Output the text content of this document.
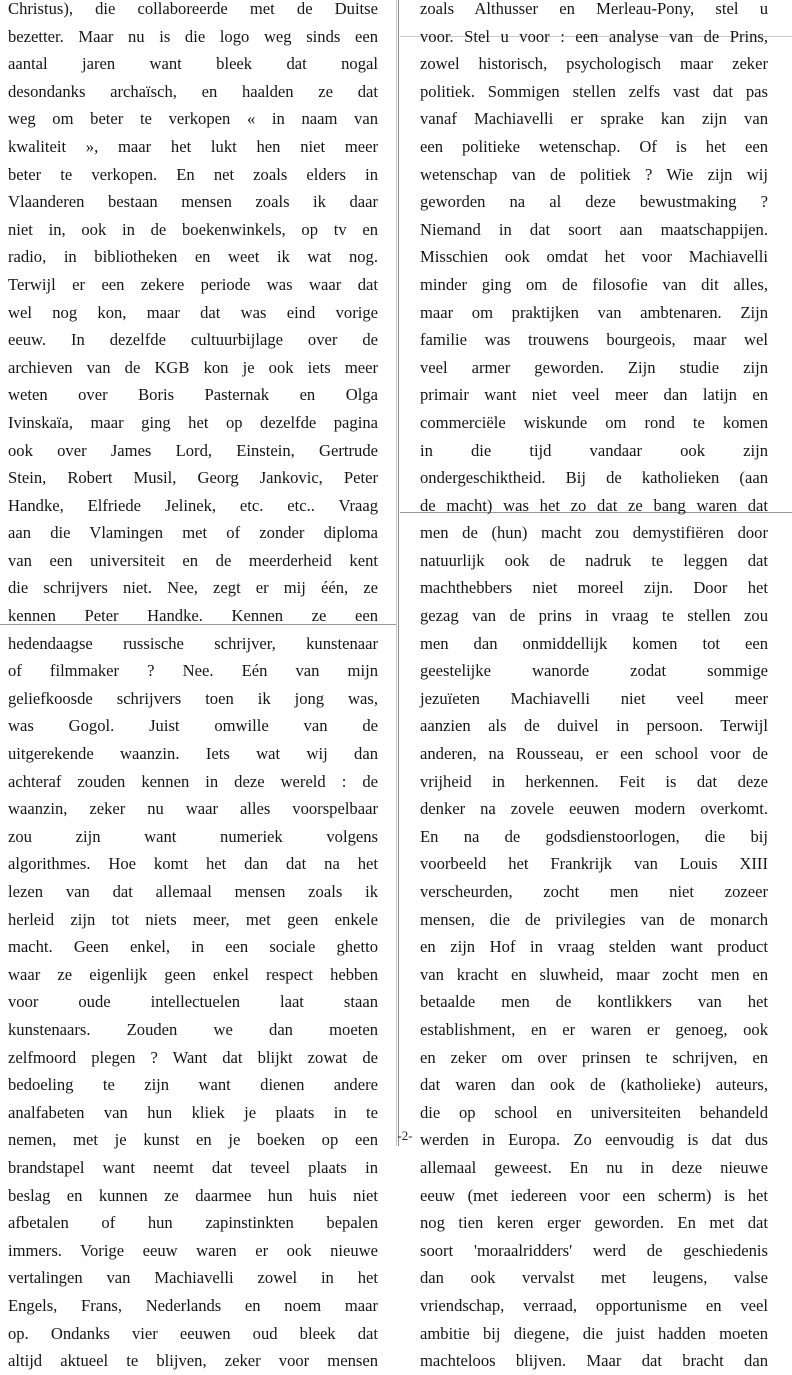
Christus), die collaboreerde met de Duitse
bezetter. Maar nu is die logo weg sinds een
aantal jaren want bleek dat nogal
desondanks archaïsch, en haalden ze dat
weg om beter te verkopen « in naam van
kwaliteit », maar het lukt hen niet meer
beter te verkopen. En net zoals elders in
Vlaanderen bestaan mensen zoals ik daar
niet in, ook in de boekenwinkels, op tv en
radio, in bibliotheken en weet ik wat nog.
Terwijl er een zekere periode was waar dat
wel nog kon, maar dat was eind vorige
eeuw. In dezelfde cultuurbijlage over de
archieven van de KGB kon je ook iets meer
weten over Boris Pasternak en Olga
Ivinskaïa, maar ging het op dezelfde pagina
ook over James Lord, Einstein, Gertrude
Stein, Robert Musil, Georg Jankovic, Peter
Handke, Elfriede Jelinek, etc. etc.. Vraag
aan die Vlamingen met of zonder diploma
van een universiteit en de meerderheid kent
die schrijvers niet. Nee, zegt er mij één, ze
kennen Peter Handke. Kennen ze een
hedendaagse russische schrijver, kunstenaar
of filmmaker ? Nee. Eén van mijn
geliefkoosde schrijvers toen ik jong was,
was Gogol. Juist omwille van de
uitgerekende waanzin. Iets wat wij dan
achteraf zouden kennen in deze wereld : de
waanzin, zeker nu waar alles voorspelbaar
zou zijn want numeriek volgens
algorithmes. Hoe komt het dan dat na het
lezen van dat allemaal mensen zoals ik
herleid zijn tot niets meer, met geen enkele
macht. Geen enkel, in een sociale ghetto
waar ze eigenlijk geen enkel respect hebben
voor oude intellectuelen laat staan
kunstenaars. Zouden we dan moeten
zelfmoord plegen ? Want dat blijkt zowat de
bedoeling te zijn want dienen andere
analfabeten van hun kliek je plaats in te
nemen, met je kunst en je boeken op een
brandstapel want neemt dat teveel plaats in
beslag en kunnen ze daarmee hun huis niet
afbetalen of hun zapinstinkten bepalen
immers. Vorige eeuw waren er ook nieuwe
vertalingen van Machiavelli zowel in het
Engels, Frans, Nederlands en noem maar
op. Ondanks vier eeuwen oud bleek dat
altijd aktueel te blijven, zeker voor mensen
zoals Althusser en Merleau-Pony, stel u
voor. Stel u voor : een analyse van de Prins,
zowel historisch, psychologisch maar zeker
politiek. Sommigen stellen zelfs vast dat pas
vanaf Machiavelli er sprake kan zijn van
een politieke wetenschap. Of is het een
wetenschap van de politiek ? Wie zijn wij
geworden na al deze bewustmaking ?
Niemand in dat soort aan maatschappijen.
Misschien ook omdat het voor Machiavelli
minder ging om de filosofie van dit alles,
maar om praktijken van ambtenaren. Zijn
familie was trouwens bourgeois, maar wel
veel armer geworden. Zijn studie zijn
primair want niet veel meer dan latijn en
commerciële wiskunde om rond te komen
in die tijd vandaar ook zijn
ondergeschiktheid. Bij de katholieken (aan
de macht) was het zo dat ze bang waren dat
men de (hun) macht zou demystifiëren door
natuurlijk ook de nadruk te leggen dat
machthebbers niet moreel zijn. Door het
gezag van de prins in vraag te stellen zou
men dan onmiddellijk komen tot een
geestelijke wanorde zodat sommige
jezuïeten Machiavelli niet veel meer
aanzien als de duivel in persoon. Terwijl
anderen, na Rousseau, er een school voor de
vrijheid in herkennen. Feit is dat deze
denker na zovele eeuwen modern overkomt.
En na de godsdienstoorlogen, die bij
voorbeeld het Frankrijk van Louis XIII
verscheurden, zocht men niet zozeer
mensen, die de privilegies van de monarch
en zijn Hof in vraag stelden want product
van kracht en sluwheid, maar zocht men en
betaalde men de kontlikkers van het
establishment, en er waren er genoeg, ook
en zeker om over prinsen te schrijven, en
dat waren dan ook de (katholieke) auteurs,
die op school en universiteiten behandeld
werden in Europa. Zo eenvoudig is dat dus
allemaal geweest. En nu in deze nieuwe
eeuw (met iedereen voor een scherm) is het
nog tien keren erger geworden. En met dat
soort 'moraalridders' werd de geschiedenis
dan ook vervalst met leugens, valse
vriendschap, verraad, opportunisme en veel
ambitie bij diegene, die juist hadden moeten
machteloos blijven. Maar dat bracht dan
-2-
